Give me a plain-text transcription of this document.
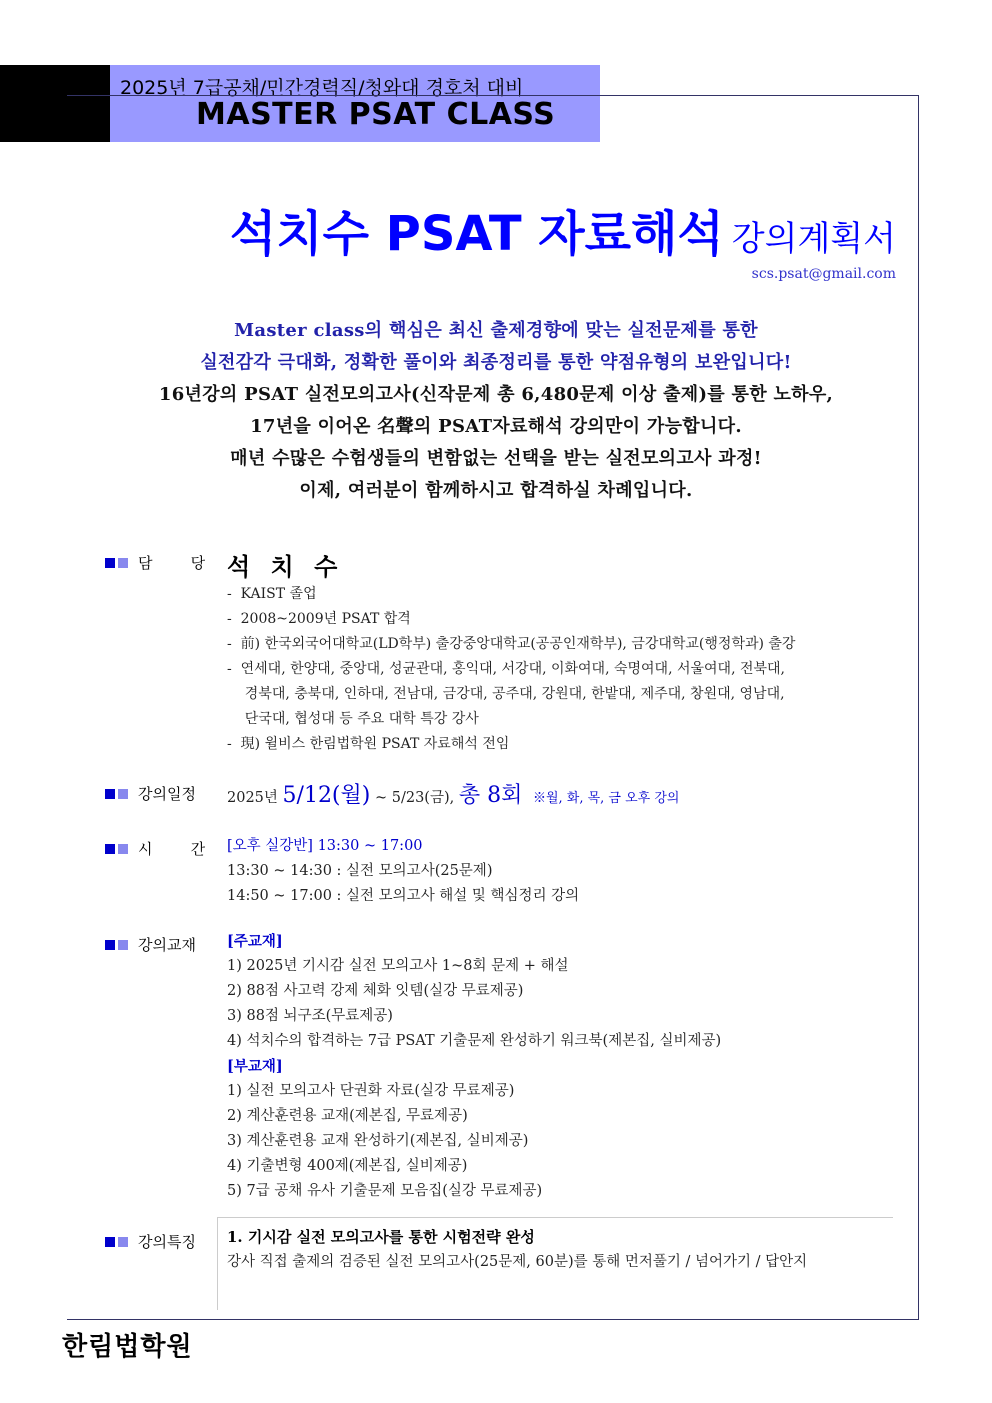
2025년 7급공채/민간경력직/청와대 경호처 대비
MASTER PSAT CLASS
석치수 PSAT 자료해석 강의계획서
scs.psat@gmail.com
Master class의 핵심은 최신 출제경향에 맞는 실전문제를 통한
실전감각 극대화, 정확한 풀이와 최종정리를 통한 약점유형의 보완입니다!
16년강의 PSAT 실전모의고사(신작문제 총 6,480문제 이상 출제)를 통한 노하우,
17년을 이어온 名聲의 PSAT자료해석 강의만이 가능합니다.
매년 수많은 수험생들의 변함없는 선택을 받는 실전모의고사 과정!
이제, 여러분이 함께하시고 합격하실 차례입니다.
담        당 석 치 수
-  KAIST 졸업
-  2008~2009년 PSAT 합격
-  前) 한국외국어대학교(LD학부) 출강중앙대학교(공공인재학부), 금강대학교(행정학과) 출강
-  연세대, 한양대, 중앙대, 성균관대, 홍익대, 서강대, 이화여대, 숙명여대, 서울여대, 전북대,
경북대, 충북대, 인하대, 전남대, 금강대, 공주대, 강원대, 한밭대, 제주대, 창원대, 영남대,
단국대, 협성대 등 주요 대학 특강 강사
-  現) 윌비스 한림법학원 PSAT 자료해석 전임
강의일정 2025년 5/12(월) ~ 5/23(금), 총 8회 ※월, 화, 목, 금 오후 강의
시        간 [오후 실강반] 13:30 ~ 17:00
13:30 ~ 14:30 : 실전 모의고사(25문제)
14:50 ~ 17:00 : 실전 모의고사 해설 및 핵심정리 강의
강의교재 [주교재]
1) 2025년 기시감 실전 모의고사 1~8회 문제 + 해설
2) 88점 사고력 강제 체화 잇템(실강 무료제공)
3) 88점 뇌구조(무료제공)
4) 석치수의 합격하는 7급 PSAT 기출문제 완성하기 워크북(제본집, 실비제공)
[부교재]
1) 실전 모의고사 단권화 자료(실강 무료제공)
2) 계산훈련용 교재(제본집, 무료제공)
3) 계산훈련용 교재 완성하기(제본집, 실비제공)
4) 기출변형 400제(제본집, 실비제공)
5) 7급 공채 유사 기출문제 모음집(실강 무료제공)
강의특징 1. 기시감 실전 모의고사를 통한 시험전략 완성
강사 직접 출제의 검증된 실전 모의고사(25문제, 60분)를 통해 먼저풀기 / 넘어가기 / 답안지
한림법학원
